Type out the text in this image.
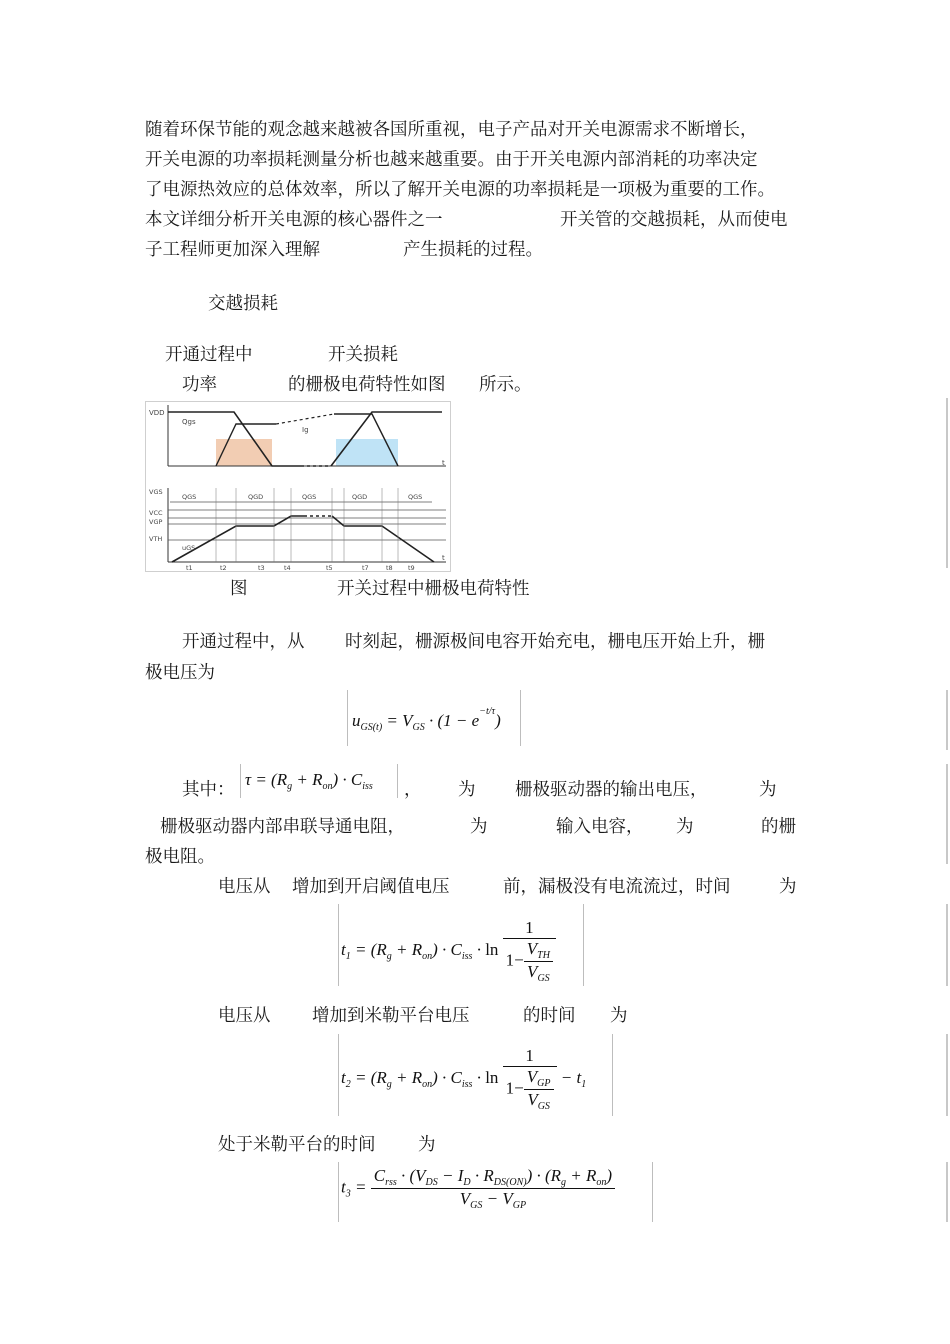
随着环保节能的观念越来越被各国所重视，电子产品对开关电源需求不断增长，
开关电源的功率损耗测量分析也越来越重要。由于开关电源内部消耗的功率决定
了电源热效应的总体效率，所以了解开关电源的功率损耗是一项极为重要的工作。
本文详细分析开关电源的核心器件之一	开关管的交越损耗，从而使电
子工程师更加深入理解	产生损耗的过程。
交越损耗
开通过程中	开关损耗
功率	的栅极电荷特性如图 所示。
VDD
Qgs
Ig
t
QGS	QGD	QGS	QGD	QGS
VGS
VCC
VGP
VTH
uGS
t
t1	t2	t3	t4	t5	t7	t8 t9
图	开关过程中栅极电荷特性
开通过程中，从 时刻起，栅源极间电容开始充电，栅电压开始上升，栅
极电压为
$u_{GS(t)} = V_{GS} \cdot (1 - e^{-t/\tau})$
其中：
$\tau = (R_g + R_{on}) \cdot C_{iss}$ ， 为 栅极驱动器的输出电压，	为
栅极驱动器内部串联导通电阻，	为	输入电容， 为	的栅
极电阻。
电压从 增加到开启阈值电压	前，漏极没有电流流过，时间	为
$t_1 = (R_g + R_{on}) \cdot C_{iss} \cdot \ln \frac{1}{1- \frac{V_{TH}}{V_{GS}}}$
电压从 增加到米勒平台电压	的时间 为
$t_2 = (R_g + R_{on}) \cdot C_{iss} \cdot \ln \frac{1}{1- \frac{V_{GP}}{V_{GS}}} - t_1$
处于米勒平台的时间 为
$t_3 = \frac{C_{rss} \cdot (V_{DS} - I_D \cdot R_{DS(ON)}) \cdot (R_g + R_{on})}{V_{GS} - V_{GP}}$
